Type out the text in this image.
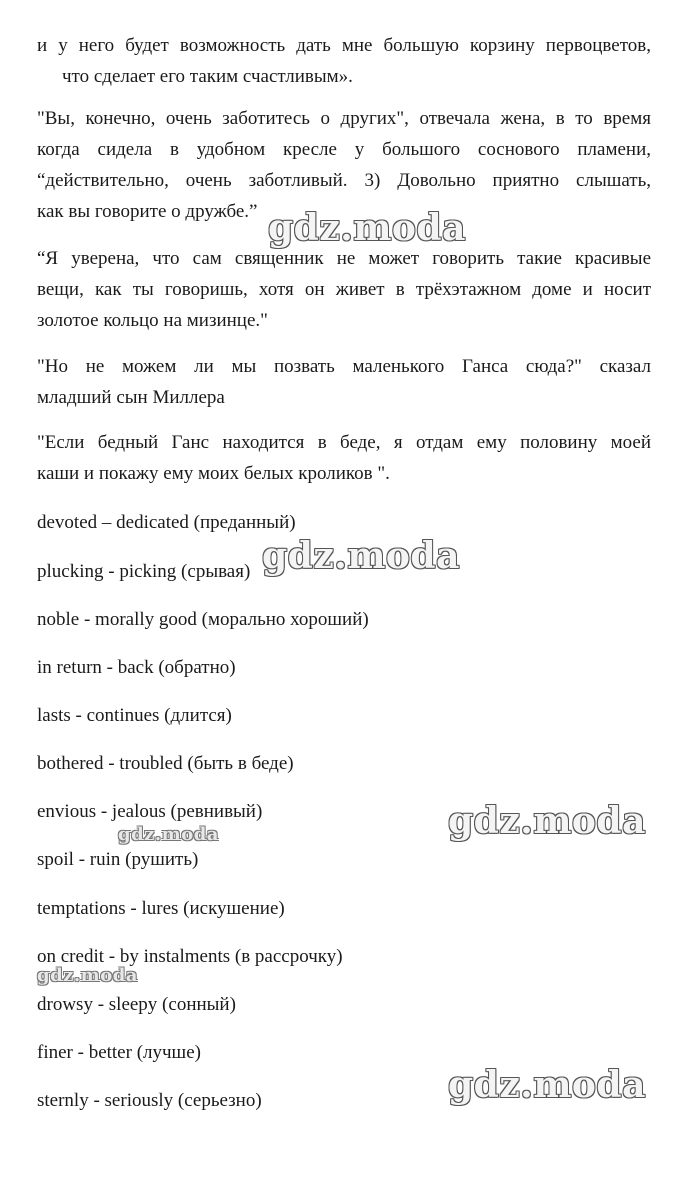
и у него будет возможность дать мне большую корзину первоцветов,
что сделает его таким счастливым».
"Вы, конечно, очень заботитесь о других", отвечала жена, в то время
когда сидела в удобном кресле у большого соснового пламени,
“действительно, очень заботливый. 3) Довольно приятно слышать,
как вы говорите о дружбе.”
“Я уверена, что сам священник не может говорить такие красивые
вещи, как ты говоришь, хотя он живет в трёхэтажном доме и носит
золотое кольцо на мизинце."
"Но не можем ли мы позвать маленького Ганса сюда?" сказал
младший сын Миллера
"Если бедный Ганс находится в беде, я отдам ему половину моей
каши и покажу ему моих белых кроликов ".
devoted – dedicated (преданный)
plucking - picking (срывая)
noble - morally good (морально хороший)
in return - back (обратно)
lasts - continues (длится)
bothered - troubled (быть в беде)
envious - jealous (ревнивый)
spoil - ruin (рушить)
temptations - lures (искушение)
on credit - by instalments (в рассрочку)
drowsy - sleepy (сонный)
finer - better (лучше)
sternly - seriously (серьезно)
gdz.moda
gdz.moda
gdz.moda
gdz.moda
gdz.moda
gdz.moda
